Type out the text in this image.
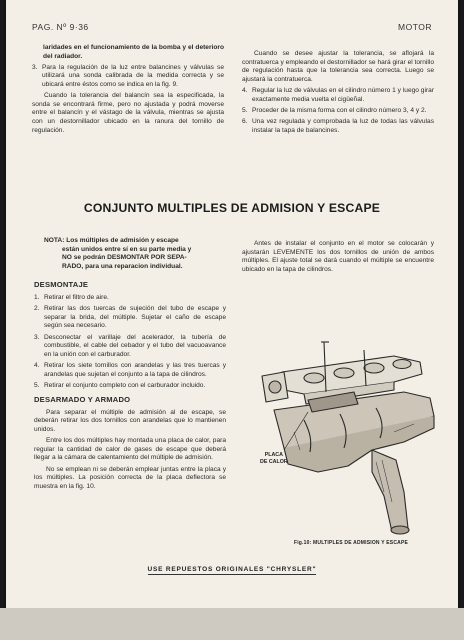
PAG. Nº 9·36	MOTOR

laridades en el funcionamiento de la bomba y el deterioro del radiador.

3. Para la regulación de la luz entre balancines y válvulas se utilizará una sonda calibrada de la medida correcta y se ubicará entre éstos como se indica en la fig. 9.

Cuando la tolerancia del balancín sea la especificada, la sonda se encontrará firme, pero no ajustada y podrá moverse entre el balancín y el vástago de la válvula, mientras se ajusta con un destornillador ubicado en la ranura del tornillo de regulación.

Cuando se desee ajustar la tolerancia, se aflojará la contratuerca y empleando el destornillador se hará girar el tornillo de regulación hasta que la tolerancia sea correcta. Luego se ajustará la contratuerca.

4. Regular la luz de válvulas en el cilindro número 1 y luego girar exactamente media vuelta el cigüeñal.
5. Proceder de la misma forma con el cilindro número 3, 4 y 2.
6. Una vez regulada y comprobada la luz de todas las válvulas instalar la tapa de balancines.
CONJUNTO MULTIPLES DE ADMISION Y ESCAPE
NOTA: Los múltiples de admisión y escape
están unidos entre sí en su parte media y
NO se podrán DESMONTAR POR SEPA-
RADO, para una reparacion individual.
DESMONTAJE
1. Retirar el filtro de aire.
2. Retirar las dos tuercas de sujeción del tubo de escape y separar la brida, del múltiple. Sujetar el caño de escape según sea necesario.
3. Desconectar el varillaje del acelerador, la tubería de combustible, el cable del cebador y el tubo del vacuoavance en la unión con el carburador.
4. Retirar los siete tornillos con arandelas y las tres tuercas y arandelas que sujetan el conjunto a la tapa de cilindros.
5. Retirar el conjunto completo con el carburador incluido.
DESARMADO Y ARMADO

Para separar el múltiple de admisión al de escape, se deberán retirar los dos tornillos con arandelas que lo mantienen unidos.

Entre los dos múltiples hay montada una placa de calor, para regular la cantidad de calor de gases de escape que deberá llegar a la cámara de calentamiento del múltiple de admisión.

No se emplean ni se deberán emplear juntas entre la placa y los múltiples. La posición correcta de la placa deflectora se muestra en la fig. 10.

Antes de instalar el conjunto en el motor se colocarán y ajustarán LEVEMENTE los dos tornillos de unión de ambos múltiples. El ajuste total se dará cuando el múltiple se encuentre ubicado en la tapa de cilindros.

PLACA
DE CALOR
Fig.10: MULTIPLES DE ADMISION Y ESCAPE
USE REPUESTOS ORIGINALES "CHRYSLER"
